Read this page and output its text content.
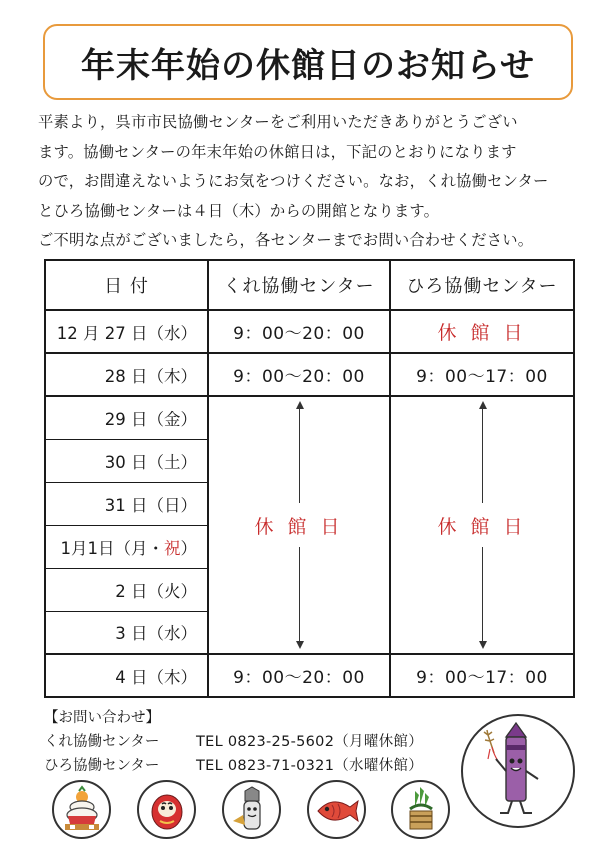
年末年始の休館日のお知らせ

平素より，呉市市民協働センターをご利用いただきありがとうござい

ます。協働センターの年末年始の休館日は，下記のとおりになります

ので，お間違えないようにお気をつけください。なお，くれ協働センター

とひろ協働センターは４日（木）からの開館となります。

ご不明な点がございましたら，各センターまでお問い合わせください。

日 付	くれ協働センター	ひろ協働センター
12 月 27 日（水）	9：00〜20：00	休 館 日
28 日（木）	9：00〜20：00	9：00〜17：00
29 日（金）	休 館 日	休 館 日

30 日（土）		
31 日（日）		
1月1日（月・祝）		
2 日（火）		
3 日（水）		
4 日（木）	9：00〜20：00	9：00〜17：00
【お問い合わせ】
くれ協働センター	TEL 0823-25-5602（月曜休館）
ひろ協働センター	TEL 0823-71-0321（水曜休館）
